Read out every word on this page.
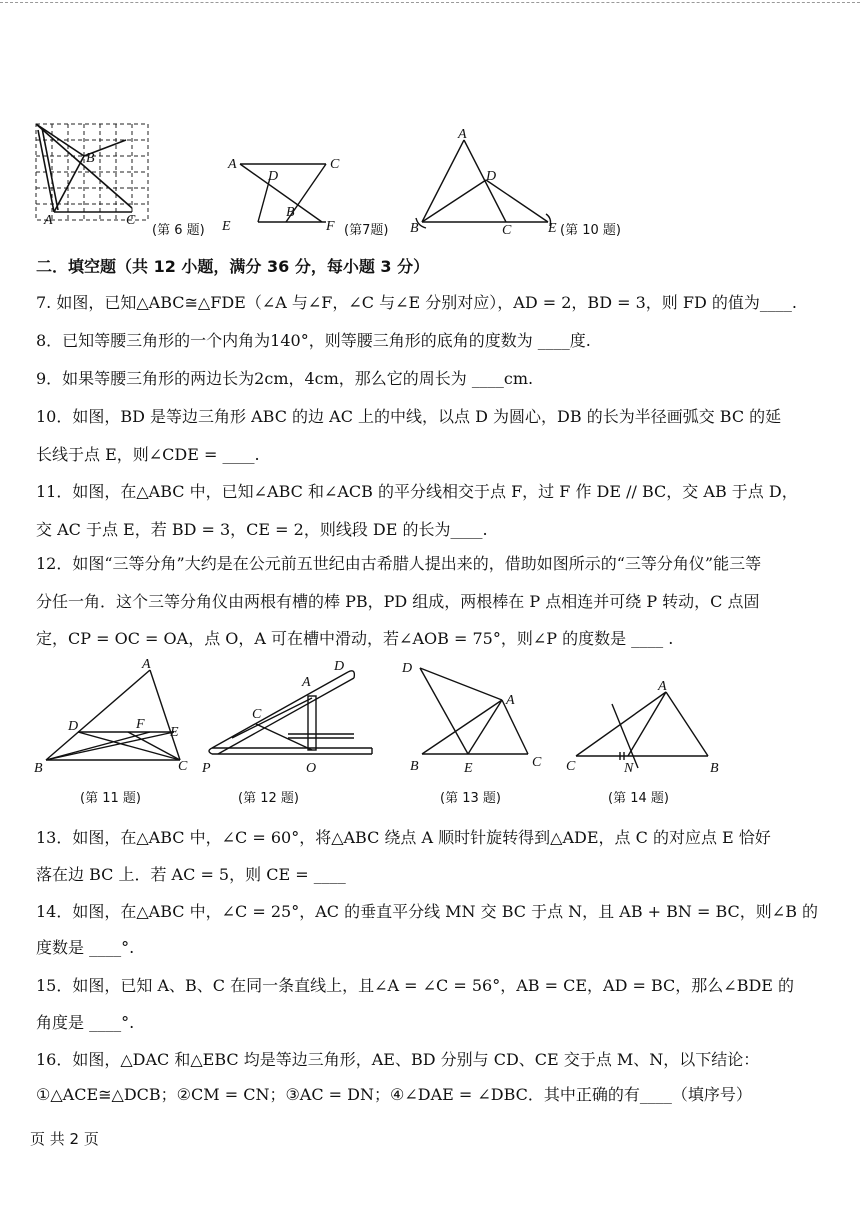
B
A	C
(第 6 题)
A	C
D
B
E	F (第7题)
A
D
B	C	E (第 10 题)
二．填空题（共 12 小题，满分 36 分，每小题 3 分）
7. 如图，已知△ABC≅△FDE（∠A 与∠F，∠C 与∠E 分别对应），AD = 2，BD = 3，则 FD 的值为____.
8．已知等腰三角形的一个内角为140°，则等腰三角形的底角的度数为 ____度.
9．如果等腰三角形的两边长为2cm，4cm，那么它的周长为 ____cm.
10．如图，BD 是等边三角形 ABC 的边 AC 上的中线，以点 D 为圆心，DB 的长为半径画弧交 BC 的延
长线于点 E，则∠CDE = ____.
11．如图，在△ABC 中，已知∠ABC 和∠ACB 的平分线相交于点 F，过 F 作 DE // BC，交 AB 于点 D，
交 AC 于点 E，若 BD = 3，CE = 2，则线段 DE 的长为____.
12．如图“三等分角”大约是在公元前五世纪由古希腊人提出来的，借助如图所示的“三等分角仪”能三等
分任一角．这个三等分角仪由两根有槽的棒 PB，PD 组成，两根棒在 P 点相连并可绕 P 转动，C 点固
定，CP = OC = OA，点 O，A 可在槽中滑动，若∠AOB = 75°，则∠P 的度数是 ____ .
A
D	F
E
B	C
(第 11 题)
D
A
C
P	O
(第 12 题)
D
A
B	E	C
(第 13 题)
A
C	N	B
(第 14 题)
13．如图，在△ABC 中，∠C = 60°，将△ABC 绕点 A 顺时针旋转得到△ADE，点 C 的对应点 E 恰好
落在边 BC 上．若 AC = 5，则 CE = ____
14．如图，在△ABC 中，∠C = 25°，AC 的垂直平分线 MN 交 BC 于点 N，且 AB + BN = BC，则∠B 的
度数是 ____°.
15．如图，已知 A、B、C 在同一条直线上，且∠A = ∠C = 56°，AB = CE，AD = BC，那么∠BDE 的
角度是 ____°.
16．如图，△DAC 和△EBC 均是等边三角形，AE、BD 分别与 CD、CE 交于点 M、N，以下结论：
①△ACE≅△DCB；②CM = CN；③AC = DN；④∠DAE = ∠DBC．其中正确的有____（填序号）
页 共 2 页
